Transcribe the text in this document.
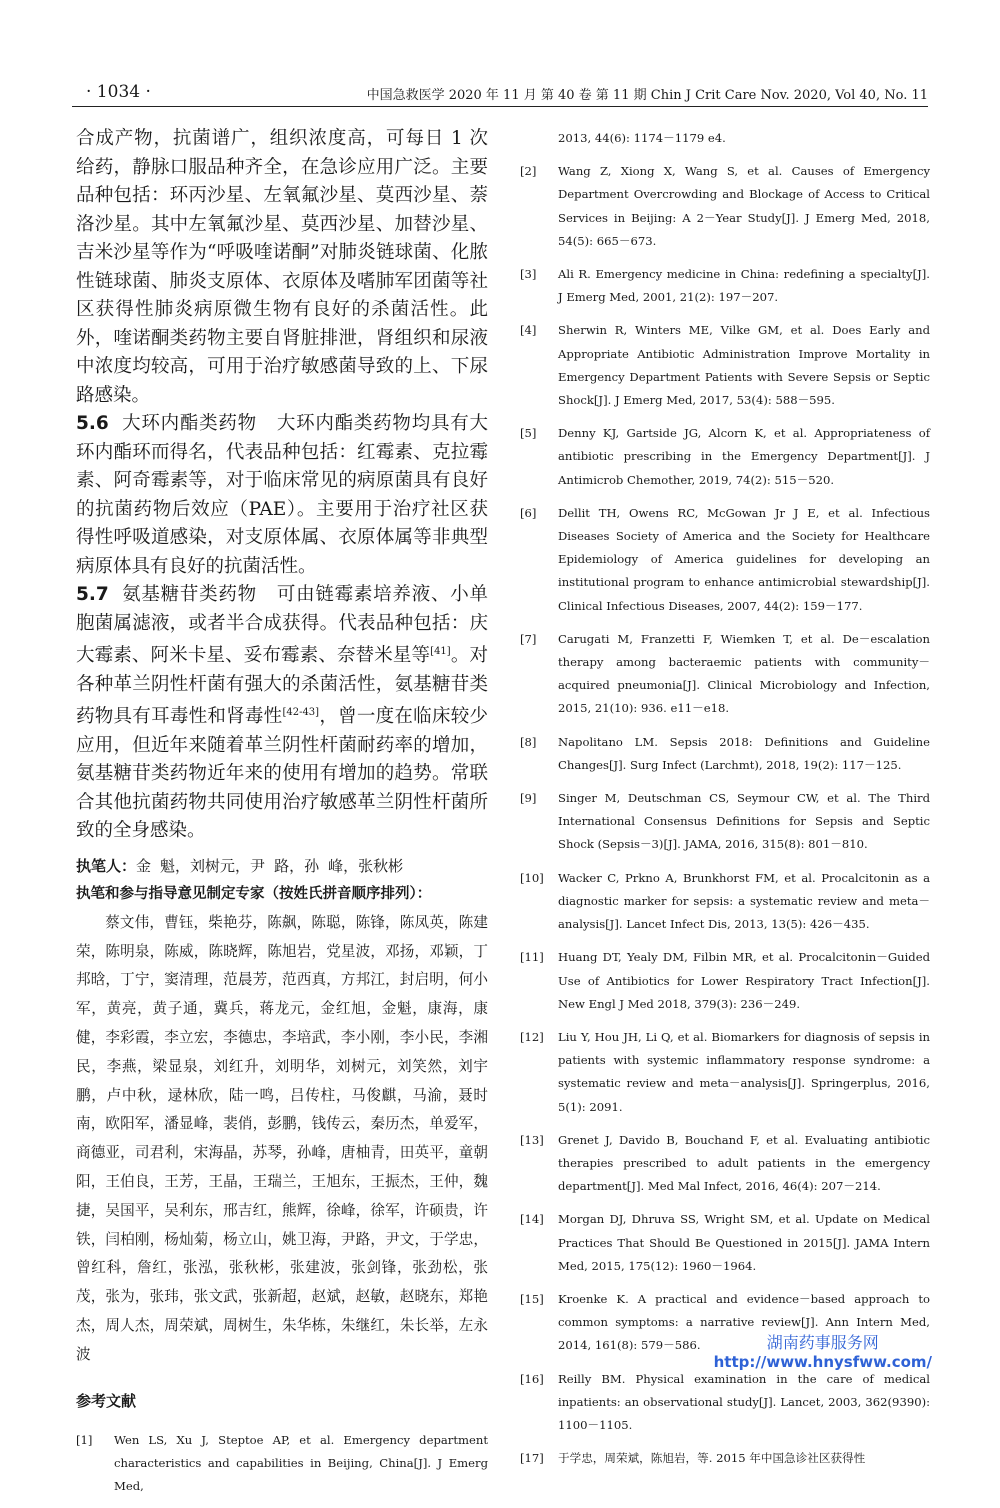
· 1034 ·	中国急救医学 2020 年 11 月 第 40 卷 第 11 期 Chin J Crit Care Nov. 2020, Vol 40, No. 11

合成产物，抗菌谱广，组织浓度高，可每日 1 次给药，静脉口服品种齐全，在急诊应用广泛。主要品种包括：环丙沙星、左氧氟沙星、莫西沙星、萘洛沙星。其中左氧氟沙星、莫西沙星、加替沙星、吉米沙星等作为“呼吸喹诺酮”对肺炎链球菌、化脓性链球菌、肺炎支原体、衣原体及嗜肺军团菌等社区获得性肺炎病原微生物有良好的杀菌活性。此外，喹诺酮类药物主要自肾脏排泄，肾组织和尿液中浓度均较高，可用于治疗敏感菌导致的上、下尿路感染。

5.6 大环内酯类药物 大环内酯类药物均具有大环内酯环而得名，代表品种包括：红霉素、克拉霉素、阿奇霉素等，对于临床常见的病原菌具有良好的抗菌药物后效应（PAE）。主要用于治疗社区获得性呼吸道感染，对支原体属、衣原体属等非典型病原体具有良好的抗菌活性。

5.7 氨基糖苷类药物 可由链霉素培养液、小单胞菌属滤液，或者半合成获得。代表品种包括：庆大霉素、阿米卡星、妥布霉素、奈替米星等[41]。对各种革兰阴性杆菌有强大的杀菌活性，氨基糖苷类药物具有耳毒性和肾毒性[42-43]，曾一度在临床较少应用，但近年来随着革兰阴性杆菌耐药率的增加，氨基糖苷类药物近年来的使用有增加的趋势。常联合其他抗菌药物共同使用治疗敏感革兰阴性杆菌所致的全身感染。

执笔人：金 魁，刘树元，尹 路，孙 峰，张秋彬
执笔和参与指导意见制定专家（按姓氏拼音顺序排列）：
蔡文伟，曹钰，柴艳芬，陈飙，陈聪，陈锋，陈凤英，陈建荣，陈明泉，陈威，陈晓辉，陈旭岩，党星波，邓扬，邓颖，丁邦晗，丁宁，窦清理，范晨芳，范西真，方邦江，封启明，何小军，黄亮，黄子通，冀兵，蒋龙元，金红旭，金魁，康海，康健，李彩霞，李立宏，李德忠，李培武，李小刚，李小民，李湘民，李燕，梁显泉，刘红升，刘明华，刘树元，刘笑然，刘宇鹏，卢中秋，逯林欣，陆一鸣，吕传柱，马俊麒，马渝，聂时南，欧阳军，潘显峰，裴俏，彭鹏，钱传云，秦历杰，单爱军，商德亚，司君利，宋海晶，苏琴，孙峰，唐柚青，田英平，童朝阳，王伯良，王芳，王晶，王瑞兰，王旭东，王振杰，王仲，魏捷，吴国平，吴利东，邢吉红，熊辉，徐峰，徐军，许硕贵，许铁，闫柏刚，杨灿菊，杨立山，姚卫海，尹路，尹文，于学忠，曾红科，詹红，张泓，张秋彬，张建波，张剑锋，张劲松，张茂，张为，张玮，张文武，张新超，赵斌，赵敏，赵晓东，郑艳杰，周人杰，周荣斌，周树生，朱华栋，朱继红，朱长举，左永波
参考文献
[1]	Wen LS, Xu J, Steptoe AP, et al. Emergency department characteristics and capabilities in Beijing, China[J]. J Emerg Med,
2013, 44(6): 1174－1179 e4.
[2]	Wang Z, Xiong X, Wang S, et al. Causes of Emergency Department Overcrowding and Blockage of Access to Critical Services in Beijing: A 2－Year Study[J]. J Emerg Med, 2018, 54(5): 665－673.
[3]	Ali R. Emergency medicine in China: redefining a specialty[J]. J Emerg Med, 2001, 21(2): 197－207.
[4]	Sherwin R, Winters ME, Vilke GM, et al. Does Early and Appropriate Antibiotic Administration Improve Mortality in Emergency Department Patients with Severe Sepsis or Septic Shock[J]. J Emerg Med, 2017, 53(4): 588－595.
[5]	Denny KJ, Gartside JG, Alcorn K, et al. Appropriateness of antibiotic prescribing in the Emergency Department[J]. J Antimicrob Chemother, 2019, 74(2): 515－520.
[6]	Dellit TH, Owens RC, McGowan Jr J E, et al. Infectious Diseases Society of America and the Society for Healthcare Epidemiology of America guidelines for developing an institutional program to enhance antimicrobial stewardship[J]. Clinical Infectious Diseases, 2007, 44(2): 159－177.
[7]	Carugati M, Franzetti F, Wiemken T, et al. De－escalation therapy among bacteraemic patients with community－acquired pneumonia[J]. Clinical Microbiology and Infection, 2015, 21(10): 936. e11－e18.
[8]	Napolitano LM. Sepsis 2018: Definitions and Guideline Changes[J]. Surg Infect (Larchmt), 2018, 19(2): 117－125.
[9]	Singer M, Deutschman CS, Seymour CW, et al. The Third International Consensus Definitions for Sepsis and Septic Shock (Sepsis－3)[J]. JAMA, 2016, 315(8): 801－810.
[10]	Wacker C, Prkno A, Brunkhorst FM, et al. Procalcitonin as a diagnostic marker for sepsis: a systematic review and meta－analysis[J]. Lancet Infect Dis, 2013, 13(5): 426－435.
[11]	Huang DT, Yealy DM, Filbin MR, et al. Procalcitonin－Guided Use of Antibiotics for Lower Respiratory Tract Infection[J]. New Engl J Med 2018, 379(3): 236－249.
[12]	Liu Y, Hou JH, Li Q, et al. Biomarkers for diagnosis of sepsis in patients with systemic inflammatory response syndrome: a systematic review and meta－analysis[J]. Springerplus, 2016, 5(1): 2091.
[13]	Grenet J, Davido B, Bouchand F, et al. Evaluating antibiotic therapies prescribed to adult patients in the emergency department[J]. Med Mal Infect, 2016, 46(4): 207－214.
[14]	Morgan DJ, Dhruva SS, Wright SM, et al. Update on Medical Practices That Should Be Questioned in 2015[J]. JAMA Intern Med, 2015, 175(12): 1960－1964.
[15]	Kroenke K. A practical and evidence－based approach to common symptoms: a narrative review[J]. Ann Intern Med, 2014, 161(8): 579－586.
[16]	Reilly BM. Physical examination in the care of medical inpatients: an observational study[J]. Lancet, 2003, 362(9390): 1100－1105.
[17]	于学忠，周荣斌，陈旭岩，等. 2015 年中国急诊社区获得性
湖南药事服务网
http://www.hnysfww.com/
